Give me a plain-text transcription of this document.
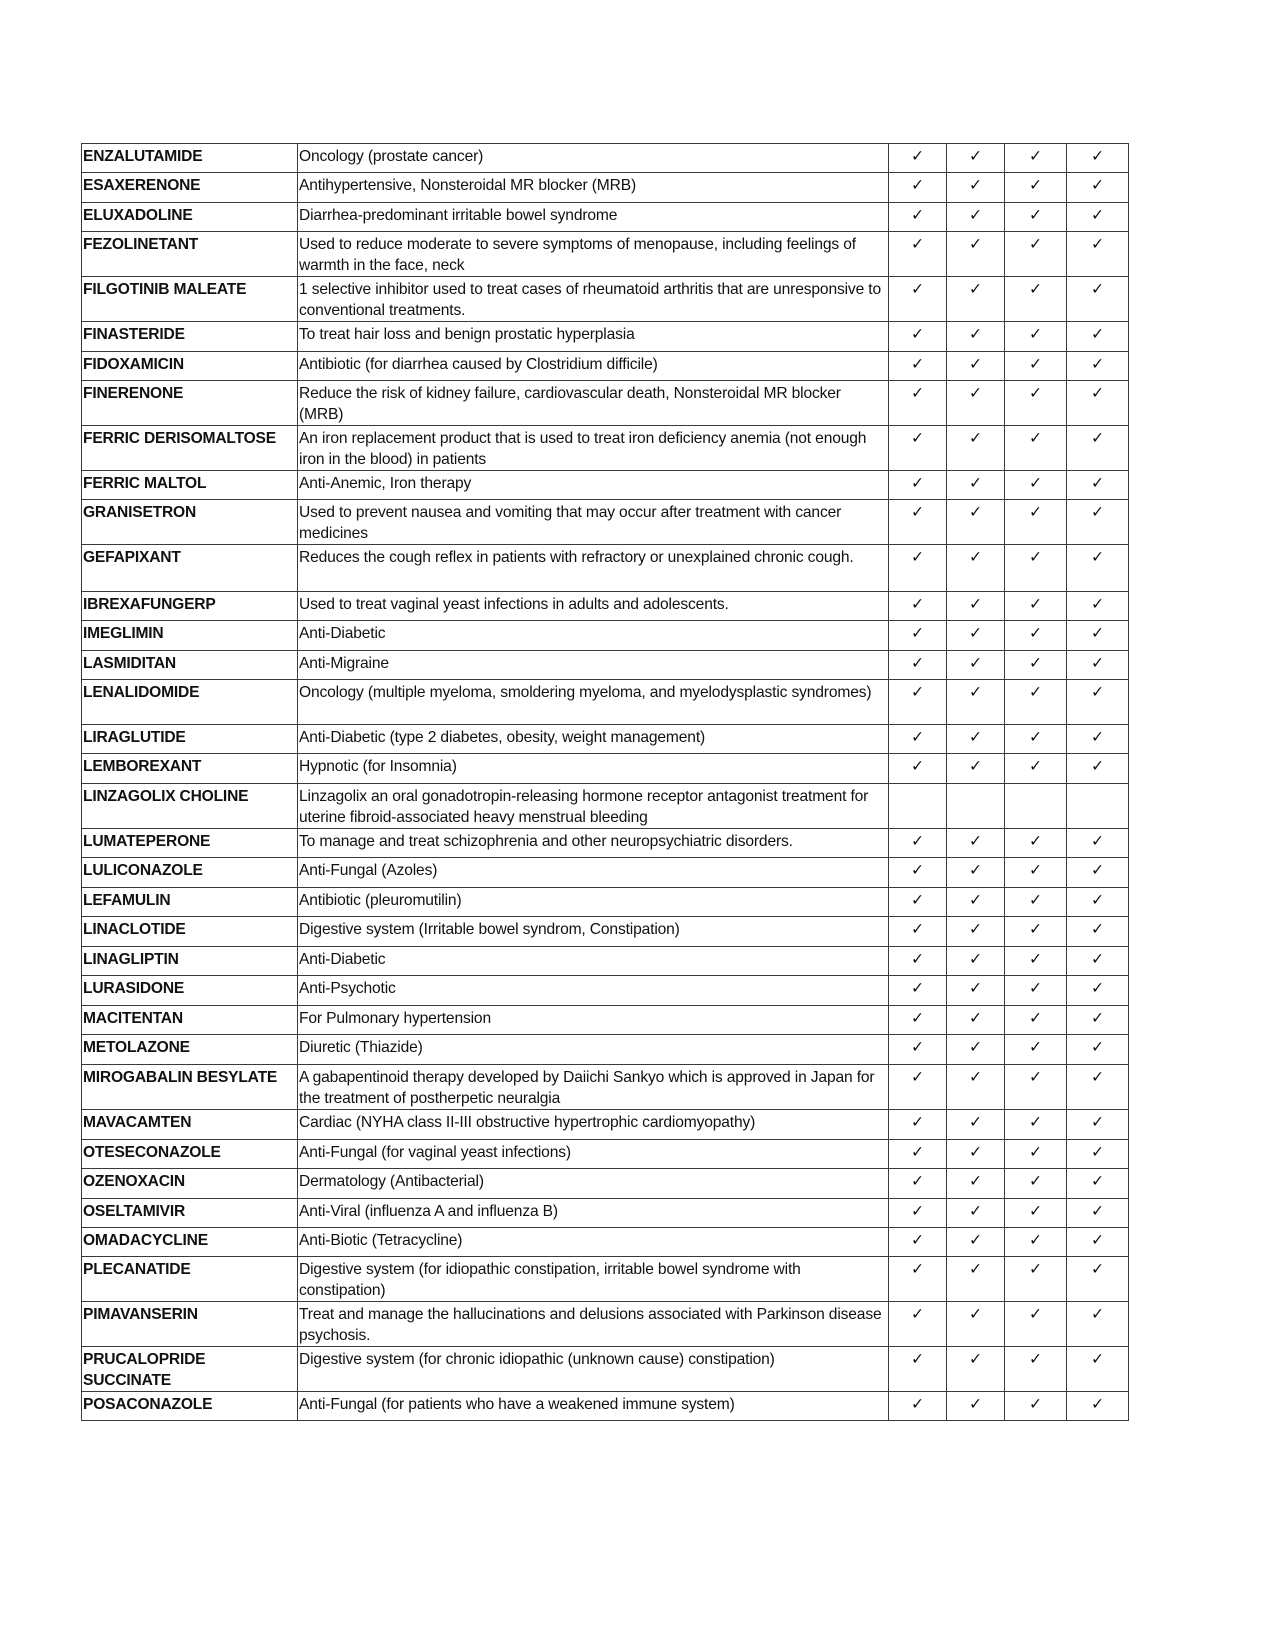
ENZALUTAMIDE	Oncology (prostate cancer)	✓	✓	✓	✓
ESAXERENONE	Antihypertensive, Nonsteroidal MR blocker (MRB)	✓	✓	✓	✓
ELUXADOLINE	Diarrhea-predominant irritable bowel syndrome	✓	✓	✓	✓
FEZOLINETANT	Used to reduce moderate to severe symptoms of menopause, including feelings of warmth in the face, neck	✓	✓	✓	✓
FILGOTINIB MALEATE	1 selective inhibitor used to treat cases of rheumatoid arthritis that are unresponsive to conventional treatments.	✓	✓	✓	✓
FINASTERIDE	To treat hair loss and benign prostatic hyperplasia	✓	✓	✓	✓
FIDOXAMICIN	Antibiotic (for diarrhea caused by Clostridium difficile)	✓	✓	✓	✓
FINERENONE	Reduce the risk of kidney failure, cardiovascular death, Nonsteroidal MR blocker (MRB)	✓	✓	✓	✓
FERRIC DERISOMALTOSE	An iron replacement product that is used to treat iron deficiency anemia (not enough iron in the blood) in patients	✓	✓	✓	✓
FERRIC MALTOL	Anti-Anemic, Iron therapy	✓	✓	✓	✓
GRANISETRON	Used to prevent nausea and vomiting that may occur after treatment with cancer medicines	✓	✓	✓	✓
GEFAPIXANT	Reduces the cough reflex in patients with refractory or unexplained chronic cough.	✓	✓	✓	✓
IBREXAFUNGERP	Used to treat vaginal yeast infections in adults and adolescents.	✓	✓	✓	✓
IMEGLIMIN	Anti-Diabetic	✓	✓	✓	✓
LASMIDITAN	Anti-Migraine	✓	✓	✓	✓
LENALIDOMIDE	Oncology (multiple myeloma, smoldering myeloma, and myelodysplastic syndromes)	✓	✓	✓	✓
LIRAGLUTIDE	Anti-Diabetic (type 2 diabetes, obesity, weight management)	✓	✓	✓	✓
LEMBOREXANT	Hypnotic (for Insomnia)	✓	✓	✓	✓
LINZAGOLIX CHOLINE	Linzagolix an oral gonadotropin-releasing hormone receptor antagonist treatment for uterine fibroid-associated heavy menstrual bleeding				
LUMATEPERONE	To manage and treat schizophrenia and other neuropsychiatric disorders.	✓	✓	✓	✓
LULICONAZOLE	Anti-Fungal (Azoles)	✓	✓	✓	✓
LEFAMULIN	Antibiotic (pleuromutilin)	✓	✓	✓	✓
LINACLOTIDE	Digestive system (Irritable bowel syndrom, Constipation)	✓	✓	✓	✓
LINAGLIPTIN	Anti-Diabetic	✓	✓	✓	✓
LURASIDONE	Anti-Psychotic	✓	✓	✓	✓
MACITENTAN	For Pulmonary hypertension	✓	✓	✓	✓
METOLAZONE	Diuretic (Thiazide)	✓	✓	✓	✓
MIROGABALIN BESYLATE	A gabapentinoid therapy developed by Daiichi Sankyo which is approved in Japan for the treatment of postherpetic neuralgia	✓	✓	✓	✓
MAVACAMTEN	Cardiac (NYHA class II-III obstructive hypertrophic cardiomyopathy)	✓	✓	✓	✓
OTESECONAZOLE	Anti-Fungal (for vaginal yeast infections)	✓	✓	✓	✓
OZENOXACIN	Dermatology (Antibacterial)	✓	✓	✓	✓
OSELTAMIVIR	Anti-Viral (influenza A and influenza B)	✓	✓	✓	✓
OMADACYCLINE	Anti-Biotic (Tetracycline)	✓	✓	✓	✓
PLECANATIDE	Digestive system (for idiopathic constipation, irritable bowel syndrome with constipation)	✓	✓	✓	✓
PIMAVANSERIN	Treat and manage the hallucinations and delusions associated with Parkinson disease psychosis.	✓	✓	✓	✓
PRUCALOPRIDE SUCCINATE	Digestive system (for chronic idiopathic (unknown cause) constipation)	✓	✓	✓	✓
POSACONAZOLE	Anti-Fungal (for patients who have a weakened immune system)	✓	✓	✓	✓
